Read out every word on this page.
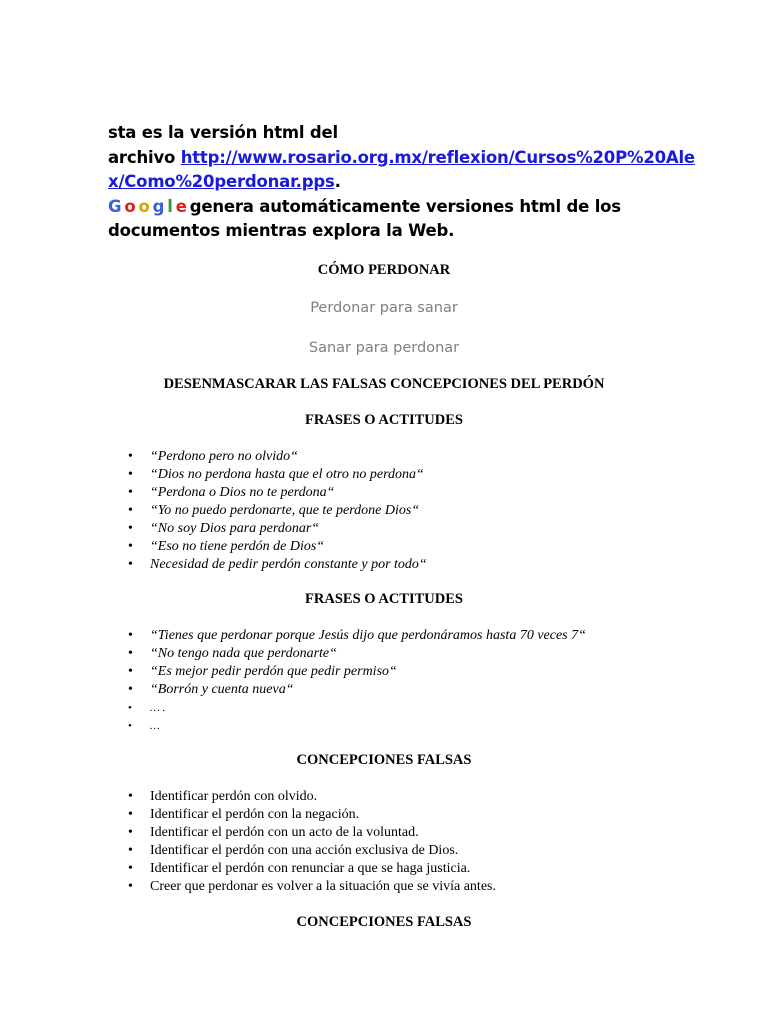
sta es la versión html del
archivo http://www.rosario.org.mx/reflexion/Cursos%20P%20Ale
x/Como%20perdonar.pps.
G o o g l e genera automáticamente versiones html de los
documentos mientras explora la Web.
CÓMO PERDONAR
Perdonar para sanar
Sanar para perdonar
DESENMASCARAR LAS FALSAS CONCEPCIONES DEL PERDÓN
FRASES O ACTITUDES
• “Perdono pero no olvido“
• “Dios no perdona hasta que el otro no perdona“
• “Perdona o Dios no te perdona“
• “Yo no puedo perdonarte, que te perdone Dios“
• “No soy Dios para perdonar“
• “Eso no tiene perdón de Dios“
• Necesidad de pedir perdón constante y por todo“
FRASES O ACTITUDES
• “Tienes que perdonar porque Jesús dijo que perdonáramos hasta 70 veces 7“
• “No tengo nada que perdonarte“
• “Es mejor pedir perdón que pedir permiso“
• “Borrón y cuenta nueva“
• … .
• …
CONCEPCIONES FALSAS
• Identificar perdón con olvido.
• Identificar el perdón con la negación.
• Identificar el perdón con un acto de la voluntad.
• Identificar el perdón con una acción exclusiva de Dios.
• Identificar el perdón con renunciar a que se haga justicia.
• Creer que perdonar es volver a la situación que se vivía antes.
CONCEPCIONES FALSAS
